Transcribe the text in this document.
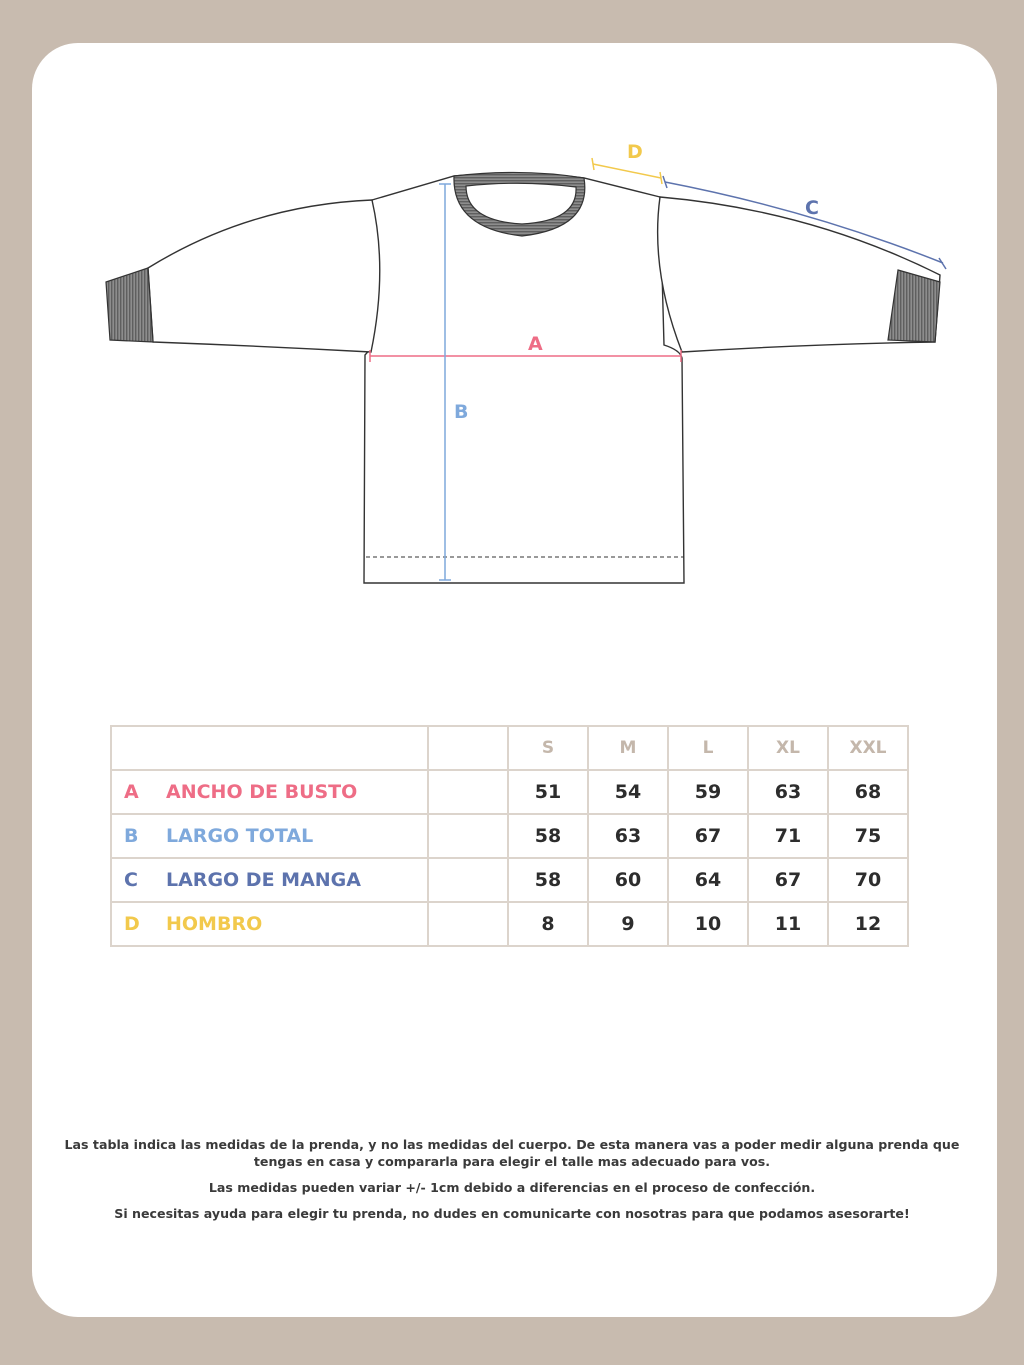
A
B
C
D
			S	M	L	XL	XXL
A	ANCHO DE BUSTO		51	54	59	63	68
B	LARGO TOTAL		58	63	67	71	75
C	LARGO DE MANGA		58	60	64	67	70
D	HOMBRO		8	9	10	11	12

Las tabla indica las medidas de la prenda, y no las medidas del cuerpo. De esta manera vas a poder medir alguna prenda que tengas en casa y compararla para elegir el talle mas adecuado para vos.

Las medidas pueden variar +/- 1cm debido a diferencias en el proceso de confección.

Si necesitas ayuda para elegir tu prenda, no dudes en comunicarte con nosotras para que podamos asesorarte!
